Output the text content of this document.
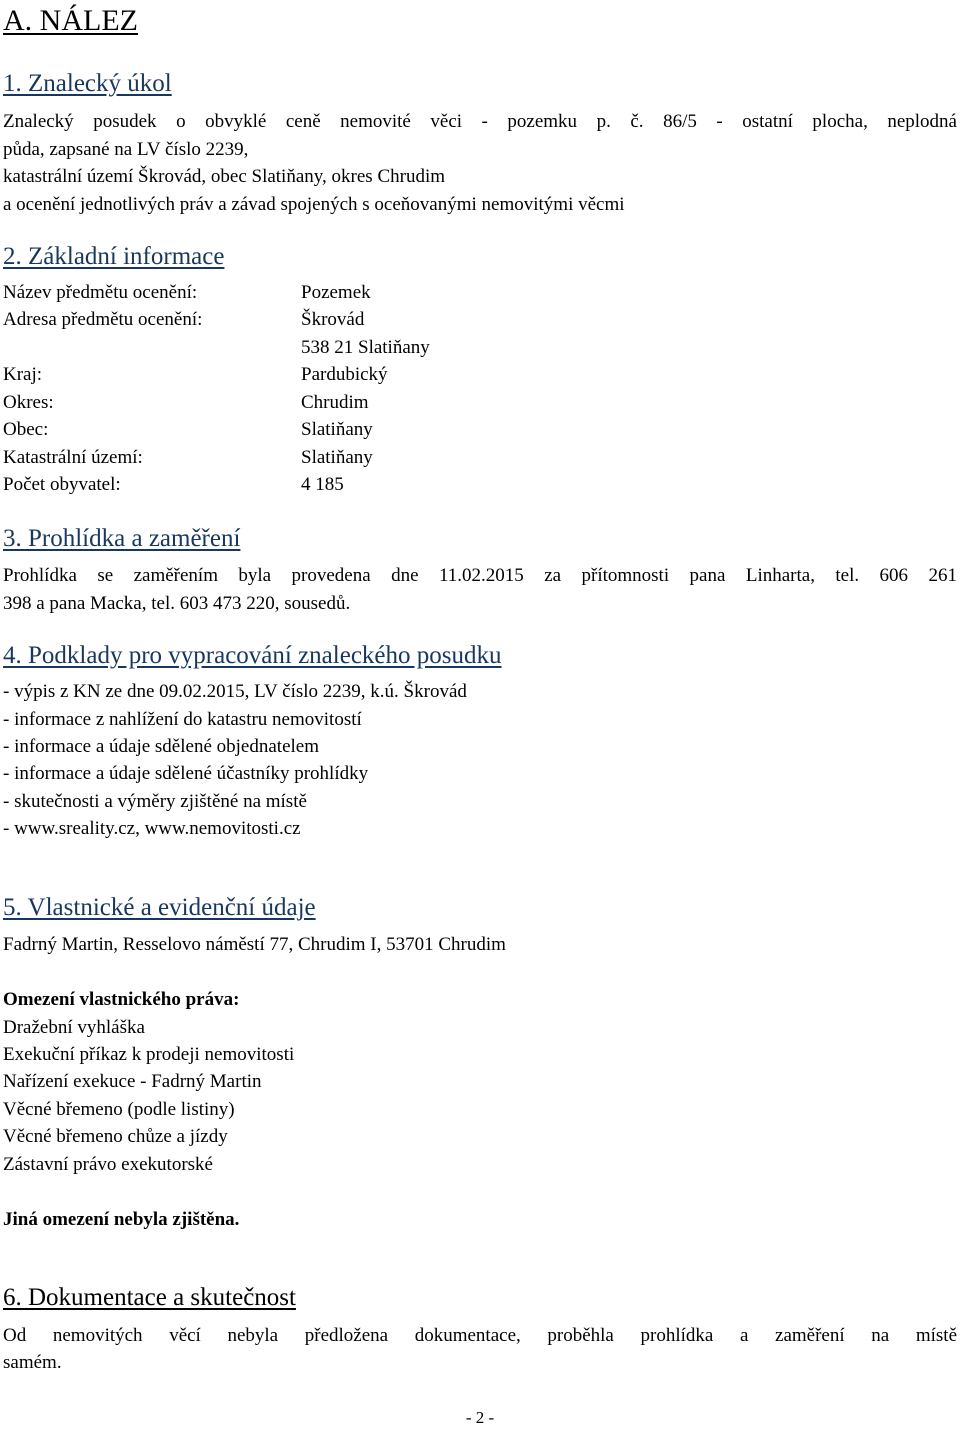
A. NÁLEZ
1. Znalecký úkol
Znalecký posudek o obvyklé ceně nemovité věci - pozemku p. č. 86/5 - ostatní plocha, neplodná
půda, zapsané na LV číslo 2239,
katastrální území Škrovád, obec Slatiňany, okres Chrudim
a ocenění jednotlivých práv a závad spojených s oceňovanými nemovitými věcmi
2. Základní informace
Název předmětu ocenění:	Pozemek
Adresa předmětu ocenění:	Škrovád
538 21 Slatiňany
Kraj:	Pardubický
Okres:	Chrudim
Obec:	Slatiňany
Katastrální území:	Slatiňany
Počet obyvatel:	4 185
3. Prohlídka a zaměření
Prohlídka se zaměřením byla provedena dne 11.02.2015 za přítomnosti pana Linharta, tel. 606 261
398 a pana Macka, tel. 603 473 220, sousedů.
4. Podklady pro vypracování znaleckého posudku
- výpis z KN ze dne 09.02.2015, LV číslo 2239, k.ú. Škrovád
- informace z nahlížení do katastru nemovitostí
- informace a údaje sdělené objednatelem
- informace a údaje sdělené účastníky prohlídky
- skutečnosti a výměry zjištěné na místě
- www.sreality.cz, www.nemovitosti.cz
5. Vlastnické a evidenční údaje
Fadrný Martin, Resselovo náměstí 77, Chrudim I, 53701 Chrudim
Omezení vlastnického práva:
Dražební vyhláška
Exekuční příkaz k prodeji nemovitosti
Nařízení exekuce - Fadrný Martin
Věcné břemeno (podle listiny)
Věcné břemeno chůze a jízdy
Zástavní právo exekutorské
Jiná omezení nebyla zjištěna.
6. Dokumentace a skutečnost
Od nemovitých věcí nebyla předložena dokumentace, proběhla prohlídka a zaměření na místě
samém.
- 2 -
